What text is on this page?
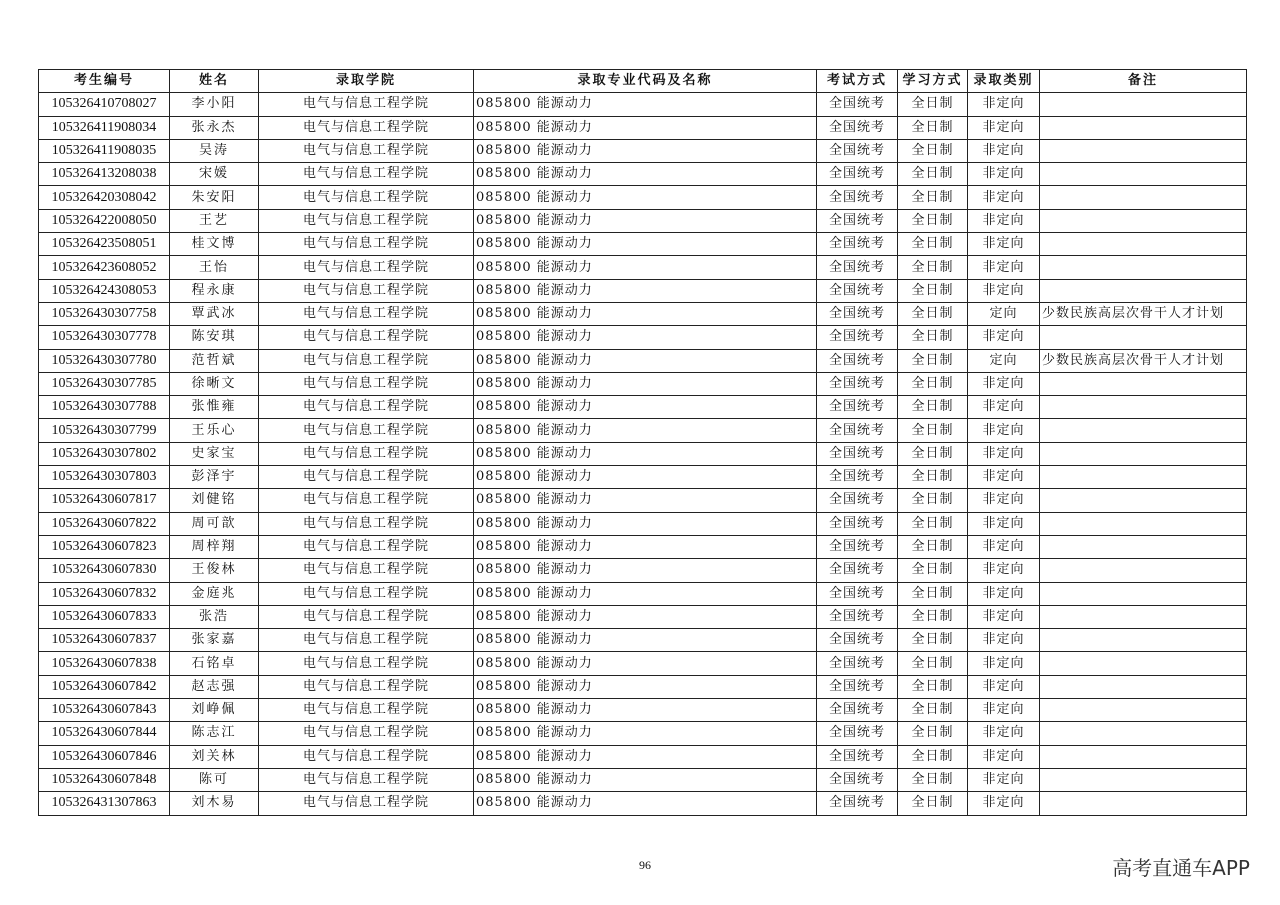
考生编号	姓名	录取学院	录取专业代码及名称	考试方式	学习方式	录取类别	备注
105326410708027	李小阳	电气与信息工程学院	085800 能源动力	全国统考	全日制	非定向	
105326411908034	张永杰	电气与信息工程学院	085800 能源动力	全国统考	全日制	非定向	
105326411908035	吴涛	电气与信息工程学院	085800 能源动力	全国统考	全日制	非定向	
105326413208038	宋媛	电气与信息工程学院	085800 能源动力	全国统考	全日制	非定向	
105326420308042	朱安阳	电气与信息工程学院	085800 能源动力	全国统考	全日制	非定向	
105326422008050	王艺	电气与信息工程学院	085800 能源动力	全国统考	全日制	非定向	
105326423508051	桂文博	电气与信息工程学院	085800 能源动力	全国统考	全日制	非定向	
105326423608052	王怡	电气与信息工程学院	085800 能源动力	全国统考	全日制	非定向	
105326424308053	程永康	电气与信息工程学院	085800 能源动力	全国统考	全日制	非定向	
105326430307758	覃武冰	电气与信息工程学院	085800 能源动力	全国统考	全日制	定向	少数民族高层次骨干人才计划
105326430307778	陈安琪	电气与信息工程学院	085800 能源动力	全国统考	全日制	非定向	
105326430307780	范哲斌	电气与信息工程学院	085800 能源动力	全国统考	全日制	定向	少数民族高层次骨干人才计划
105326430307785	徐晰文	电气与信息工程学院	085800 能源动力	全国统考	全日制	非定向	
105326430307788	张惟雍	电气与信息工程学院	085800 能源动力	全国统考	全日制	非定向	
105326430307799	王乐心	电气与信息工程学院	085800 能源动力	全国统考	全日制	非定向	
105326430307802	史家宝	电气与信息工程学院	085800 能源动力	全国统考	全日制	非定向	
105326430307803	彭泽宇	电气与信息工程学院	085800 能源动力	全国统考	全日制	非定向	
105326430607817	刘健铭	电气与信息工程学院	085800 能源动力	全国统考	全日制	非定向	
105326430607822	周可歆	电气与信息工程学院	085800 能源动力	全国统考	全日制	非定向	
105326430607823	周梓翔	电气与信息工程学院	085800 能源动力	全国统考	全日制	非定向	
105326430607830	王俊林	电气与信息工程学院	085800 能源动力	全国统考	全日制	非定向	
105326430607832	金庭兆	电气与信息工程学院	085800 能源动力	全国统考	全日制	非定向	
105326430607833	张浩	电气与信息工程学院	085800 能源动力	全国统考	全日制	非定向	
105326430607837	张家嘉	电气与信息工程学院	085800 能源动力	全国统考	全日制	非定向	
105326430607838	石铭卓	电气与信息工程学院	085800 能源动力	全国统考	全日制	非定向	
105326430607842	赵志强	电气与信息工程学院	085800 能源动力	全国统考	全日制	非定向	
105326430607843	刘峥佩	电气与信息工程学院	085800 能源动力	全国统考	全日制	非定向	
105326430607844	陈志江	电气与信息工程学院	085800 能源动力	全国统考	全日制	非定向	
105326430607846	刘关林	电气与信息工程学院	085800 能源动力	全国统考	全日制	非定向	
105326430607848	陈可	电气与信息工程学院	085800 能源动力	全国统考	全日制	非定向	
105326431307863	刘木易	电气与信息工程学院	085800 能源动力	全国统考	全日制	非定向	
96	高考直通车APP
